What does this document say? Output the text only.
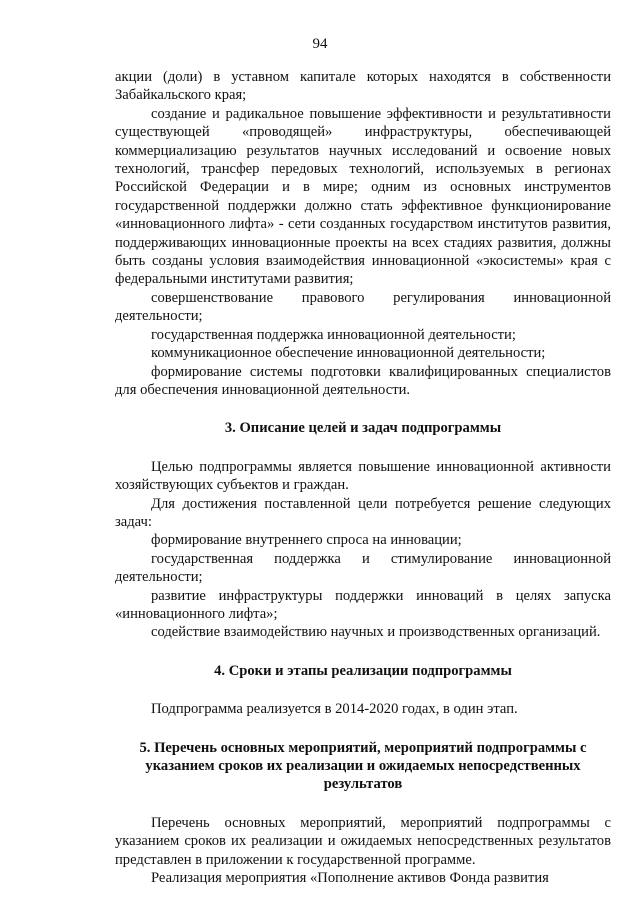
94

акции (доли) в уставном капитале которых находятся в собственности Забайкальского края;

создание и радикальное повышение эффективности и результативности существующей «проводящей» инфраструктуры, обеспечивающей коммерциализацию результатов научных исследований и освоение новых технологий, трансфер передовых технологий, используемых в регионах Российской Федерации и в мире; одним из основных инструментов государственной поддержки должно стать эффективное функционирование «инновационного лифта» - сети созданных государством институтов развития, поддерживающих инновационные проекты на всех стадиях развития, должны быть созданы условия взаимодействия инновационной «экосистемы» края с федеральными институтами развития;

совершенствование правового регулирования инновационной деятельности;

государственная поддержка инновационной деятельности;

коммуникационное обеспечение инновационной деятельности;

формирование системы подготовки квалифицированных специалистов для обеспечения инновационной деятельности.

3. Описание целей и задач подпрограммы

Целью подпрограммы является повышение инновационной активности хозяйствующих субъектов и граждан.

Для достижения поставленной цели потребуется решение следующих задач:

формирование внутреннего спроса на инновации;

государственная поддержка и стимулирование инновационной деятельности;

развитие инфраструктуры поддержки инноваций в целях запуска «инновационного лифта»;

содействие взаимодействию научных и производственных организаций.

4. Сроки и этапы реализации подпрограммы

Подпрограмма реализуется в 2014-2020 годах, в один этап.

5. Перечень основных мероприятий, мероприятий подпрограммы с указанием сроков их реализации и ожидаемых непосредственных результатов

Перечень основных мероприятий, мероприятий подпрограммы с указанием сроков их реализации и ожидаемых непосредственных результатов представлен в приложении к государственной программе.

Реализация мероприятия «Пополнение активов Фонда развития
